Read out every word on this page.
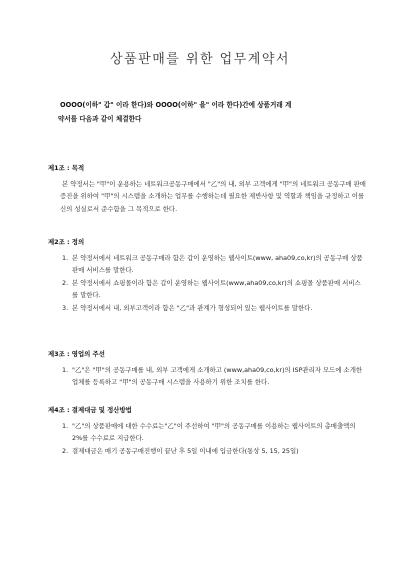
상품판매를 위한 업무계약서

OOOO(이하" 갑" 이라 한다)와 OOOO(이하" 을" 이라 한다)간에 상품거래 계

약서를 다음과 같이 체결한다

제1조 : 목적

본 약정서는 "甲"이 운용하는 네트워크공동구매에서 "乙"의 내, 외부 고객에게 "甲"의 네트워크 공동구매 판매증진을 위하여 "甲"의 시스템을 소개하는 업무를 수행하는데 필요한 제반사항 및 역할과 책임을 규정하고 이를 신의 성실로서 준수함을 그 목적으로 한다.

제2조 : 정의
1. 본 약정서에서 네트워크 공동구매라 함은 갑이 운영하는 웹사이트(www, aha09,co,kr)의 공동구매 상품판매 서비스를 말한다.
2. 본 약정서에서 쇼핑몰이라 함은 갑이 운영하는 웹사이트(www,aha09,co,kr)의 쇼핑몰 상품판매 서비스를 말한다.
3. 본 약정서에서 내, 외부고객이라 함은 "乙"과 관계가 형성되어 있는 웹사이트를 말한다.
제3조 : 영업의 주선
1. "乙"은 "甲"의 공동구매를 내, 외부 고객에게 소개하고 (www,aha09,co,kr)의 ISP관리자 모드에 소개한 업체를 등록하고 "甲"의 공동구매 시스템을 사용하기 위한 조치를 한다.
제4조 : 결제대금 및 정산방법
1. "乙"의 상품판매에 대한 수수료는"乙"이 주선하여 "甲"의 공동구매를 이용하는 웹사이트의 총매출액의 2%를 수수료로 지급한다.
2. 결제대금은 매기 공동구매진행이 끝난 후 5일 이내에 입금한다(통상 5, 15, 25일)
